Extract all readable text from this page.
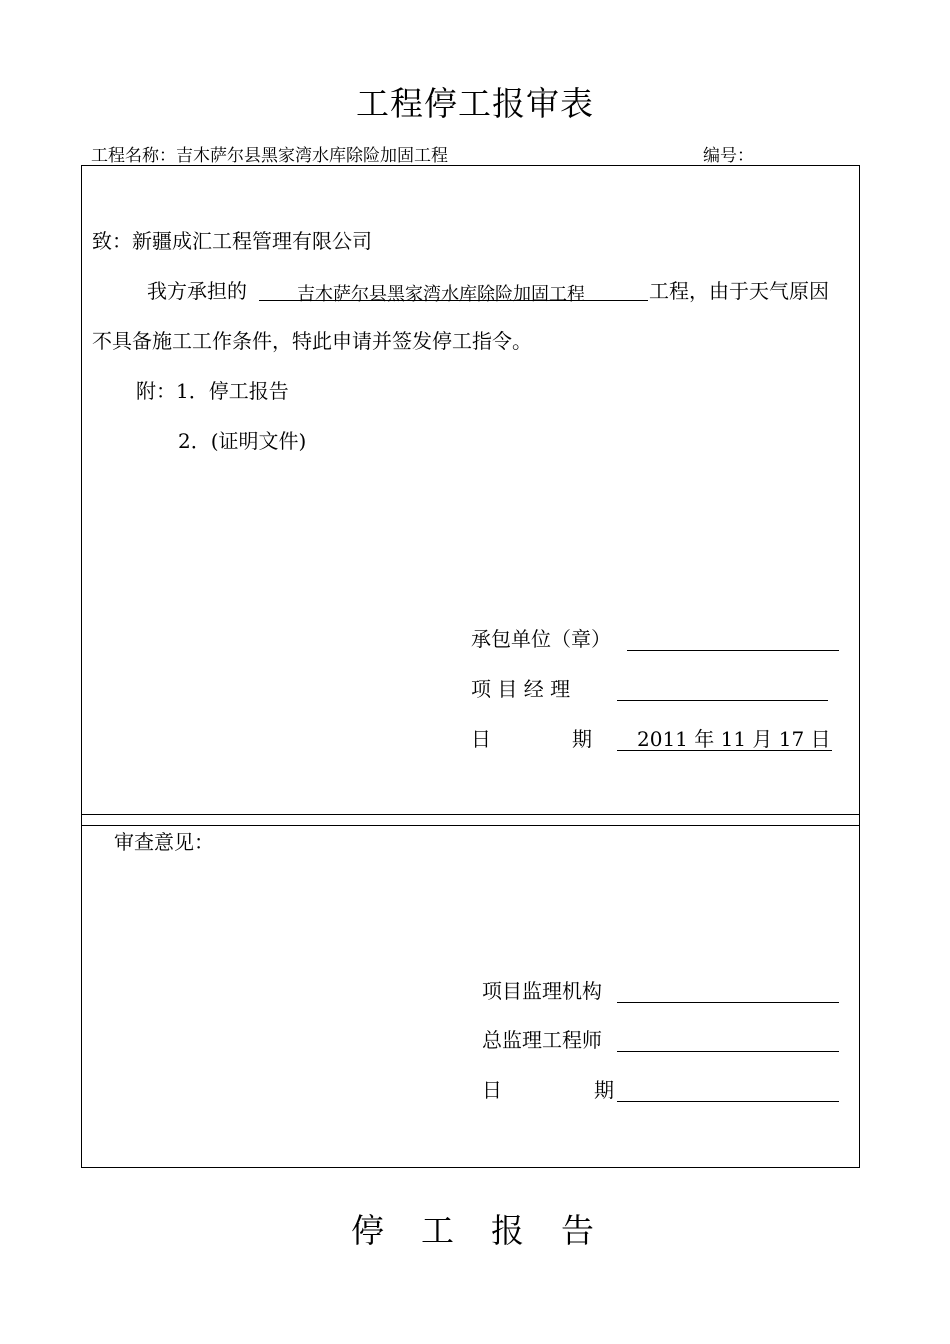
工程停工报审表
工程名称：吉木萨尔县黑家湾水库除险加固工程	编号：
致：新疆成汇工程管理有限公司
我方承担的	吉木萨尔县黑家湾水库除险加固工程	工程，由于天气原因
不具备施工工作条件，特此申请并签发停工指令。
附：1．停工报告
2．(证明文件)
承包单位（章）
项 目 经 理
日	期 2011 年 11 月 17 日
审查意见：
项目监理机构
总监理工程师
日	期
停 工 报 告
